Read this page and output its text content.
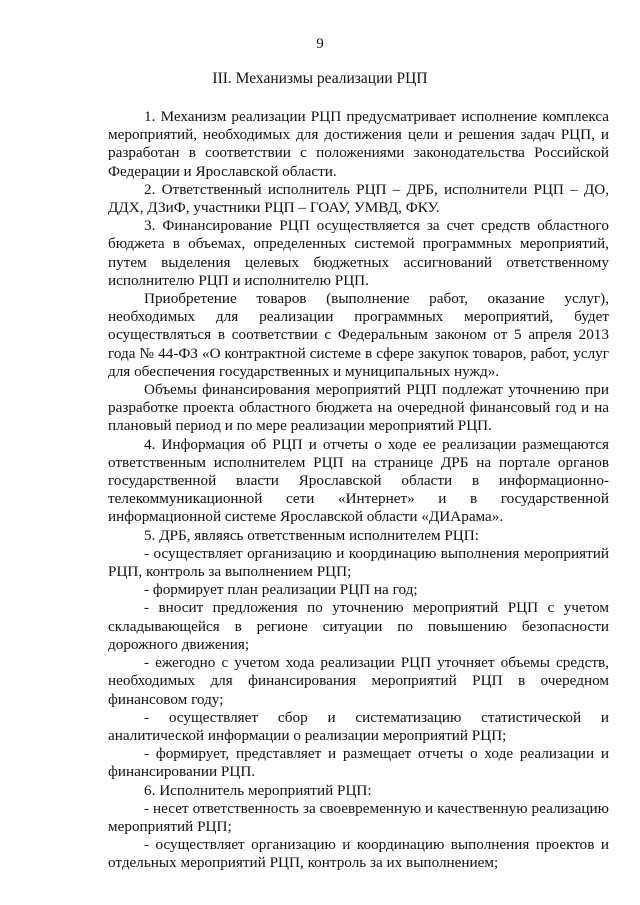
9
III. Механизмы реализации РЦП

1. Механизм реализации РЦП предусматривает исполнение комплекса мероприятий, необходимых для достижения цели и решения задач РЦП, и разработан в соответствии с положениями законодательства Российской Федерации и Ярославской области.

2. Ответственный исполнитель РЦП – ДРБ, исполнители РЦП – ДО, ДДХ, ДЗиФ, участники РЦП – ГОАУ, УМВД, ФКУ.

3. Финансирование РЦП осуществляется за счет средств областного бюджета в объемах, определенных системой программных мероприятий, путем выделения целевых бюджетных ассигнований ответственному исполнителю РЦП и исполнителю РЦП.

Приобретение товаров (выполнение работ, оказание услуг), необходимых для реализации программных мероприятий, будет осуществляться в соответствии с Федеральным законом от 5 апреля 2013 года № 44-ФЗ «О контрактной системе в сфере закупок товаров, работ, услуг для обеспечения государственных и муниципальных нужд».

Объемы финансирования мероприятий РЦП подлежат уточнению при разработке проекта областного бюджета на очередной финансовый год и на плановый период и по мере реализации мероприятий РЦП.

4. Информация об РЦП и отчеты о ходе ее реализации размещаются ответственным исполнителем РЦП на странице ДРБ на портале органов государственной власти Ярославской области в информационно-телекоммуникационной сети «Интернет» и в государственной информационной системе Ярославской области «ДИАрама».

5. ДРБ, являясь ответственным исполнителем РЦП:

- осуществляет организацию и координацию выполнения мероприятий РЦП, контроль за выполнением РЦП;

- формирует план реализации РЦП на год;

- вносит предложения по уточнению мероприятий РЦП с учетом складывающейся в регионе ситуации по повышению безопасности дорожного движения;

- ежегодно с учетом хода реализации РЦП уточняет объемы средств, необходимых для финансирования мероприятий РЦП в очередном финансовом году;

- осуществляет сбор и систематизацию статистической и аналитической информации о реализации мероприятий РЦП;

- формирует, представляет и размещает отчеты о ходе реализации и финансировании РЦП.

6. Исполнитель мероприятий РЦП:

- несет ответственность за своевременную и качественную реализацию мероприятий РЦП;

- осуществляет организацию и координацию выполнения проектов и отдельных мероприятий РЦП, контроль за их выполнением;
